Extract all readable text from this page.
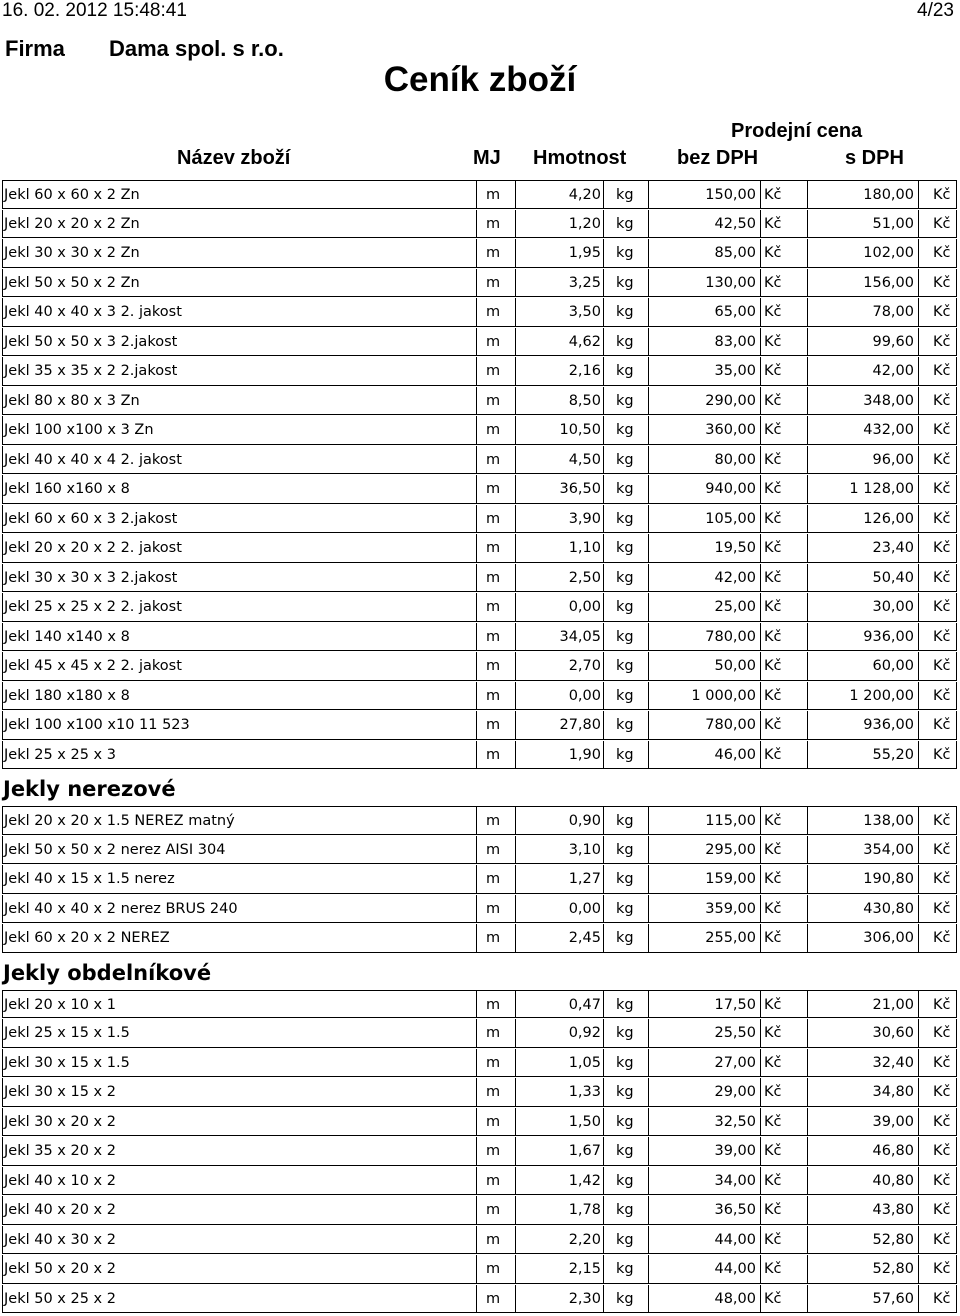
16. 02. 2012 15:48:41	4/23
Firma Dama spol. s r.o.
Ceník zboží
Prodejní cena
Název zboží	MJ Hmotnost	bez DPH	s DPH
Jekl 60 x 60 x 2 Zn	m	4,20	kg	150,00 Kč	180,00	Kč
Jekl 20 x 20 x 2 Zn	m	1,20	kg	42,50 Kč	51,00	Kč
Jekl 30 x 30 x 2 Zn	m	1,95	kg	85,00 Kč	102,00	Kč
Jekl 50 x 50 x 2 Zn	m	3,25	kg	130,00 Kč	156,00	Kč
Jekl 40 x 40 x 3 2. jakost	m	3,50	kg	65,00 Kč	78,00	Kč
Jekl 50 x 50 x 3 2.jakost	m	4,62	kg	83,00 Kč	99,60	Kč
Jekl 35 x 35 x 2 2.jakost	m	2,16	kg	35,00 Kč	42,00	Kč
Jekl 80 x 80 x 3 Zn	m	8,50	kg	290,00 Kč	348,00	Kč
Jekl 100 x100 x 3 Zn	m	10,50	kg	360,00 Kč	432,00	Kč
Jekl 40 x 40 x 4 2. jakost	m	4,50	kg	80,00 Kč	96,00	Kč
Jekl 160 x160 x 8	m	36,50	kg	940,00 Kč	1 128,00	Kč
Jekl 60 x 60 x 3 2.jakost	m	3,90	kg	105,00 Kč	126,00	Kč
Jekl 20 x 20 x 2 2. jakost	m	1,10	kg	19,50 Kč	23,40	Kč
Jekl 30 x 30 x 3 2.jakost	m	2,50	kg	42,00 Kč	50,40	Kč
Jekl 25 x 25 x 2 2. jakost	m	0,00	kg	25,00 Kč	30,00	Kč
Jekl 140 x140 x 8	m	34,05	kg	780,00 Kč	936,00	Kč
Jekl 45 x 45 x 2 2. jakost	m	2,70	kg	50,00 Kč	60,00	Kč
Jekl 180 x180 x 8	m	0,00	kg	1 000,00 Kč	1 200,00	Kč
Jekl 100 x100 x10 11 523	m	27,80	kg	780,00 Kč	936,00	Kč
Jekl 25 x 25 x 3	m	1,90	kg	46,00 Kč	55,20	Kč
Jekly nerezové
Jekl 20 x 20 x 1.5 NEREZ matný	m	0,90	kg	115,00 Kč	138,00	Kč
Jekl 50 x 50 x 2 nerez AISI 304	m	3,10	kg	295,00 Kč	354,00	Kč
Jekl 40 x 15 x 1.5 nerez	m	1,27	kg	159,00 Kč	190,80	Kč
Jekl 40 x 40 x 2 nerez BRUS 240	m	0,00	kg	359,00 Kč	430,80	Kč
Jekl 60 x 20 x 2 NEREZ	m	2,45	kg	255,00 Kč	306,00	Kč
Jekly obdelníkové
Jekl 20 x 10 x 1	m	0,47	kg	17,50 Kč	21,00	Kč
Jekl 25 x 15 x 1.5	m	0,92	kg	25,50 Kč	30,60	Kč
Jekl 30 x 15 x 1.5	m	1,05	kg	27,00 Kč	32,40	Kč
Jekl 30 x 15 x 2	m	1,33	kg	29,00 Kč	34,80	Kč
Jekl 30 x 20 x 2	m	1,50	kg	32,50 Kč	39,00	Kč
Jekl 35 x 20 x 2	m	1,67	kg	39,00 Kč	46,80	Kč
Jekl 40 x 10 x 2	m	1,42	kg	34,00 Kč	40,80	Kč
Jekl 40 x 20 x 2	m	1,78	kg	36,50 Kč	43,80	Kč
Jekl 40 x 30 x 2	m	2,20	kg	44,00 Kč	52,80	Kč
Jekl 50 x 20 x 2	m	2,15	kg	44,00 Kč	52,80	Kč
Jekl 50 x 25 x 2	m	2,30	kg	48,00 Kč	57,60	Kč
